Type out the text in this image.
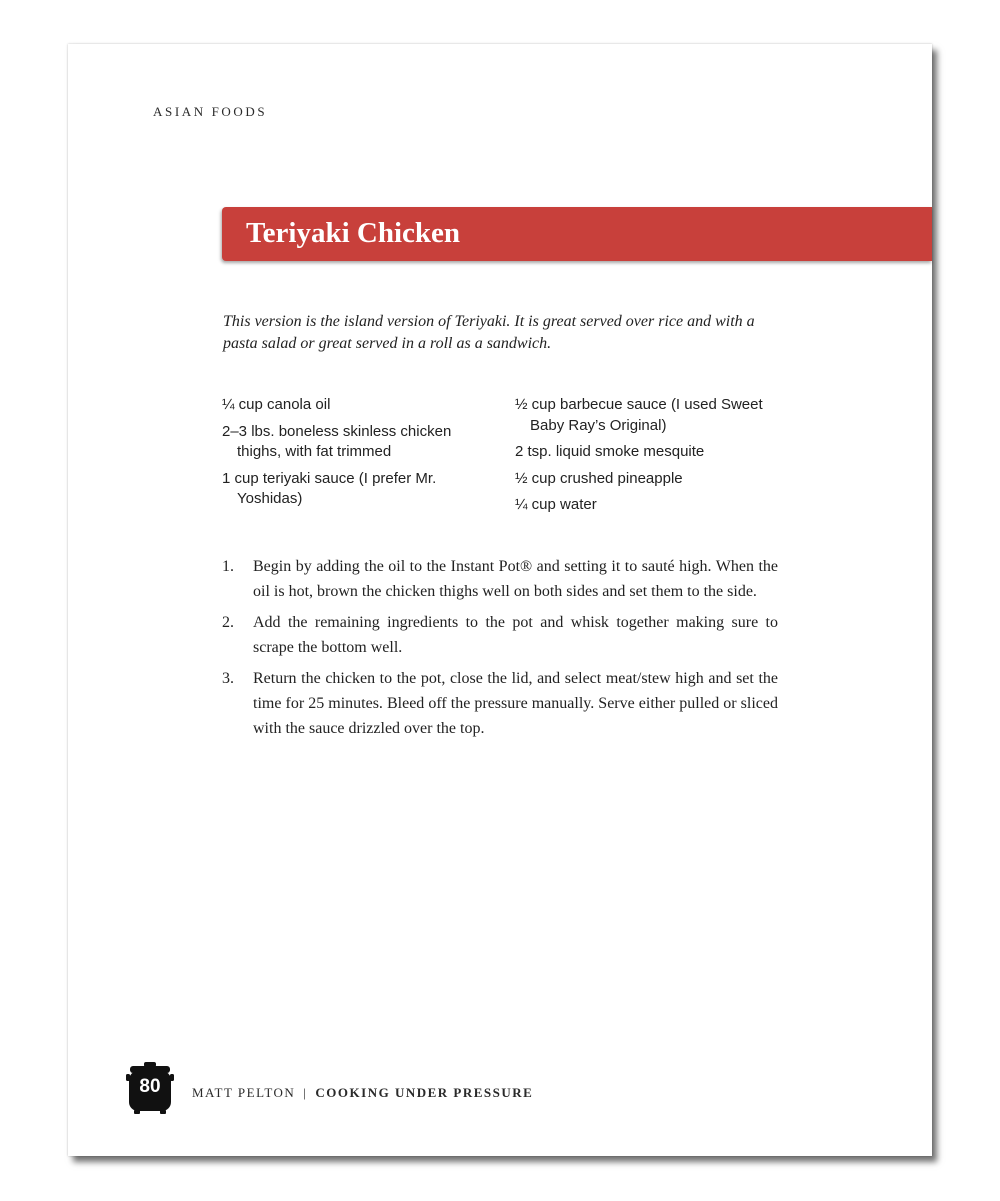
ASIAN FOODS
Teriyaki Chicken

This version is the island version of Teriyaki. It is great served over rice and with a pasta salad or great served in a roll as a sandwich.

¼ cup canola oil
2–3 lbs. boneless skinless chicken thighs, with fat trimmed
1 cup teriyaki sauce (I prefer Mr. Yoshidas)
½ cup barbecue sauce (I used Sweet Baby Ray’s Original)
2 tsp. liquid smoke mesquite
½ cup crushed pineapple
¼ cup water
1. Begin by adding the oil to the Instant Pot® and setting it to sauté high. When the oil is hot, brown the chicken thighs well on both sides and set them to the side.
2. Add the remaining ingredients to the pot and whisk together making sure to scrape the bottom well.
3. Return the chicken to the pot, close the lid, and select meat/stew high and set the time for 25 minutes. Bleed off the pressure manually. Serve either pulled or sliced with the sauce drizzled over the top.
80	MATT PELTON | COOKING UNDER PRESSURE
